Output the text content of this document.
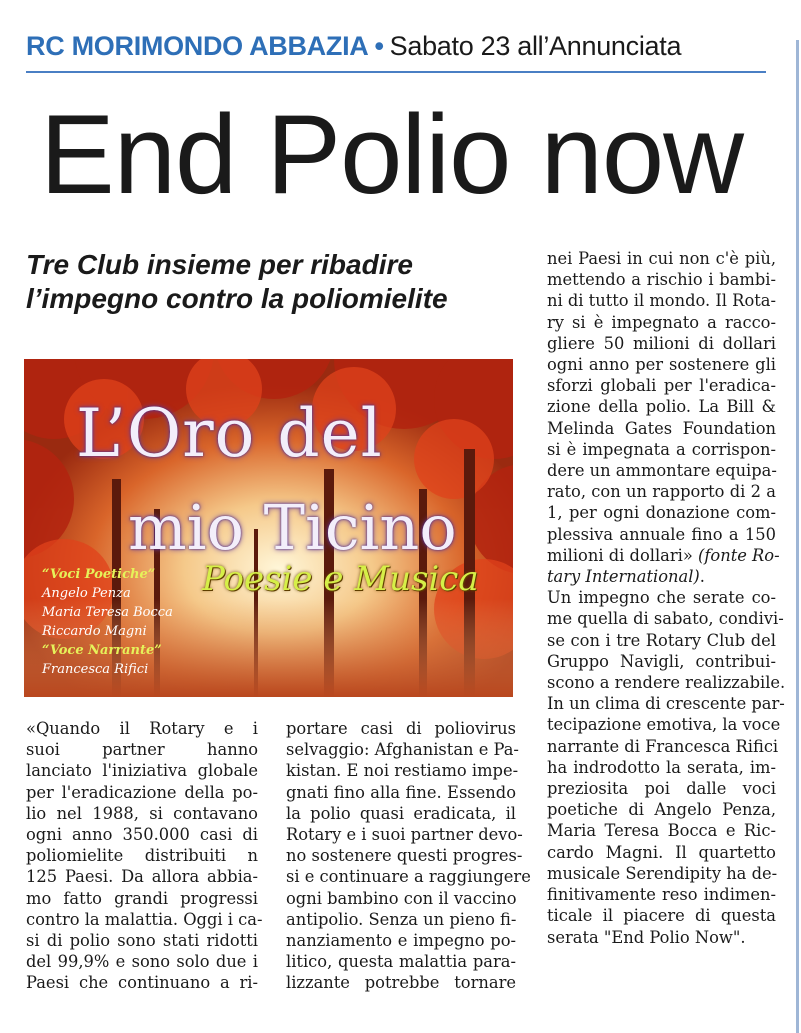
RC MORIMONDO ABBAZIA • Sabato 23 all’Annunciata
End Polio now
Tre Club insieme per ribadire
l’impegno contro la poliomielite
L’Oro del
mio Ticino
Poesie e Musica
“Voci Poetiche”
Angelo Penza
Maria Teresa Bocca
Riccardo Magni
“Voce Narrante”
Francesca Rifici
«Quando il Rotary e i
suoi partner hanno
lanciato l'iniziativa globale
per l'eradicazione della po-
lio nel 1988, si contavano
ogni anno 350.000 casi di
poliomielite distribuiti n
125 Paesi. Da allora abbia-
mo fatto grandi progressi
contro la malattia. Oggi i ca-
si di polio sono stati ridotti
del 99,9% e sono solo due i
Paesi che continuano a ri-
portare casi di poliovirus
selvaggio: Afghanistan e Pa-
kistan. E noi restiamo impe-
gnati fino alla fine. Essendo
la polio quasi eradicata, il
Rotary e i suoi partner devo-
no sostenere questi progres-
si e continuare a raggiungere
ogni bambino con il vaccino
antipolio. Senza un pieno fi-
nanziamento e impegno po-
litico, questa malattia para-
lizzante potrebbe tornare
nei Paesi in cui non c'è più,
mettendo a rischio i bambi-
ni di tutto il mondo. Il Rota-
ry si è impegnato a racco-
gliere 50 milioni di dollari
ogni anno per sostenere gli
sforzi globali per l'eradica-
zione della polio. La Bill &
Melinda Gates Foundation
si è impegnata a corrispon-
dere un ammontare equipa-
rato, con un rapporto di 2 a
1, per ogni donazione com-
plessiva annuale fino a 150
milioni di dollari» (fonte Ro-
tary International).
Un impegno che serate co-
me quella di sabato, condivi-
se con i tre Rotary Club del
Gruppo Navigli, contribui-
scono a rendere realizzabile.
In un clima di crescente par-
tecipazione emotiva, la voce
narrante di Francesca Rifici
ha indrodotto la serata, im-
preziosita poi dalle voci
poetiche di Angelo Penza,
Maria Teresa Bocca e Ric-
cardo Magni. Il quartetto
musicale Serendipity ha de-
finitivamente reso indimen-
ticale il piacere di questa serata "End Polio Now".
